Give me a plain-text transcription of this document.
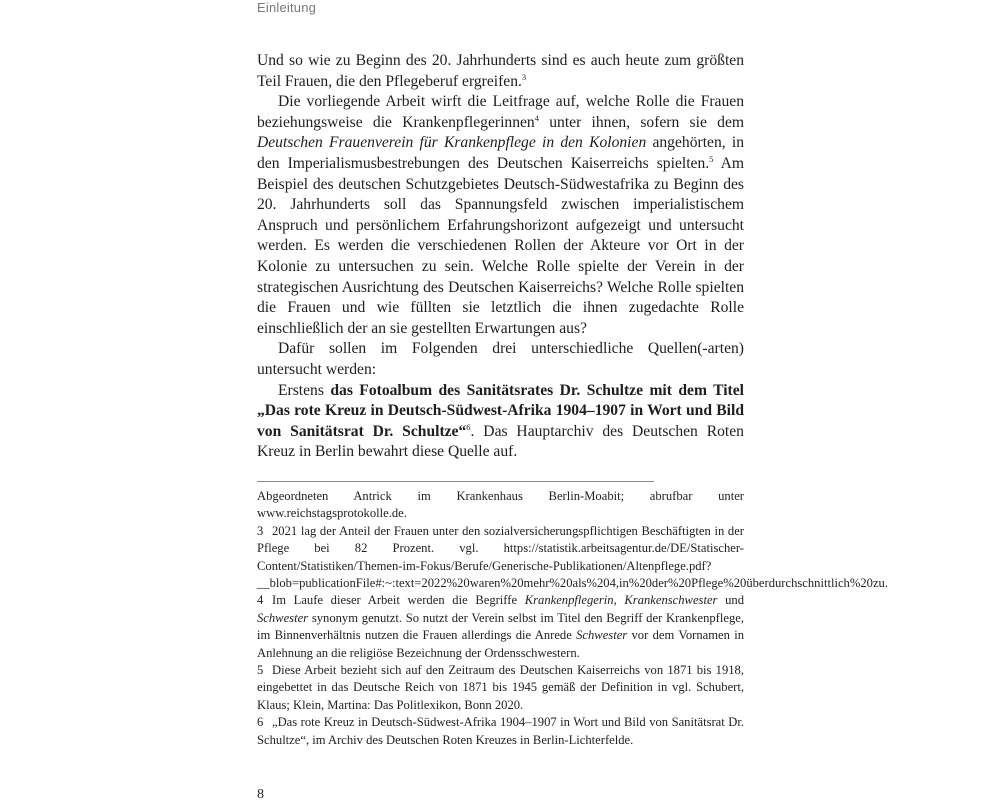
Einleitung

Und so wie zu Beginn des 20. Jahrhunderts sind es auch heute zum größten Teil Frauen, die den Pflegeberuf ergreifen.$^3$

Die vorliegende Arbeit wirft die Leitfrage auf, welche Rolle die Frauen beziehungsweise die Krankenpflegerinnen$^4$ unter ihnen, sofern sie dem Deutschen Frauenverein für Krankenpflege in den Kolonien angehörten, in den Imperialismusbestrebungen des Deutschen Kaiserreichs spielten.$^5$ Am Beispiel des deutschen Schutzgebietes Deutsch-Südwestafrika zu Beginn des 20. Jahrhunderts soll das Spannungsfeld zwischen imperialistischem Anspruch und persönlichem Erfahrungshorizont aufgezeigt und untersucht werden. Es werden die verschiedenen Rollen der Akteure vor Ort in der Kolonie zu untersuchen zu sein. Welche Rolle spielte der Verein in der strategischen Ausrichtung des Deutschen Kaiserreichs? Welche Rolle spielten die Frauen und wie füllten sie letztlich die ihnen zugedachte Rolle einschließlich der an sie gestellten Erwartungen aus?

Dafür sollen im Folgenden drei unterschiedliche Quellen(-arten) untersucht werden:

Erstens das Fotoalbum des Sanitätsrates Dr. Schultze mit dem Titel „Das rote Kreuz in Deutsch-Südwest-Afrika 1904–1907 in Wort und Bild von Sanitätsrat Dr. Schultze“$^6$. Das Hauptarchiv des Deutschen Roten Kreuz in Berlin bewahrt diese Quelle auf.

Abgeordneten Antrick im Krankenhaus Berlin-Moabit; abrufbar unter www.reichstagsprotokolle.de.

3 2021 lag der Anteil der Frauen unter den sozialversicherungspflichtigen Beschäftigten in der Pflege bei 82 Prozent. vgl. https://statistik.arbeitsagentur.de/DE/Statischer-Content/Statistiken/Themen-im-Fokus/Berufe/Generische-Publikationen/Altenpflege.pdf?__blob=publicationFile#:~:text=2022%20waren%20mehr%20als%204,in%20der%20Pflege%20überdurchschnittlich%20zu.

4 Im Laufe dieser Arbeit werden die Begriffe Krankenpflegerin, Krankenschwester und Schwester synonym genutzt. So nutzt der Verein selbst im Titel den Begriff der Krankenpflege, im Binnenverhältnis nutzen die Frauen allerdings die Anrede Schwester vor dem Vornamen in Anlehnung an die religiöse Bezeichnung der Ordensschwestern.

5 Diese Arbeit bezieht sich auf den Zeitraum des Deutschen Kaiserreichs von 1871 bis 1918, eingebettet in das Deutsche Reich von 1871 bis 1945 gemäß der Definition in vgl. Schubert, Klaus; Klein, Martina: Das Politlexikon, Bonn 2020.

6 „Das rote Kreuz in Deutsch-Südwest-Afrika 1904–1907 in Wort und Bild von Sanitätsrat Dr. Schultze“, im Archiv des Deutschen Roten Kreuzes in Berlin-Lichterfelde.

8
